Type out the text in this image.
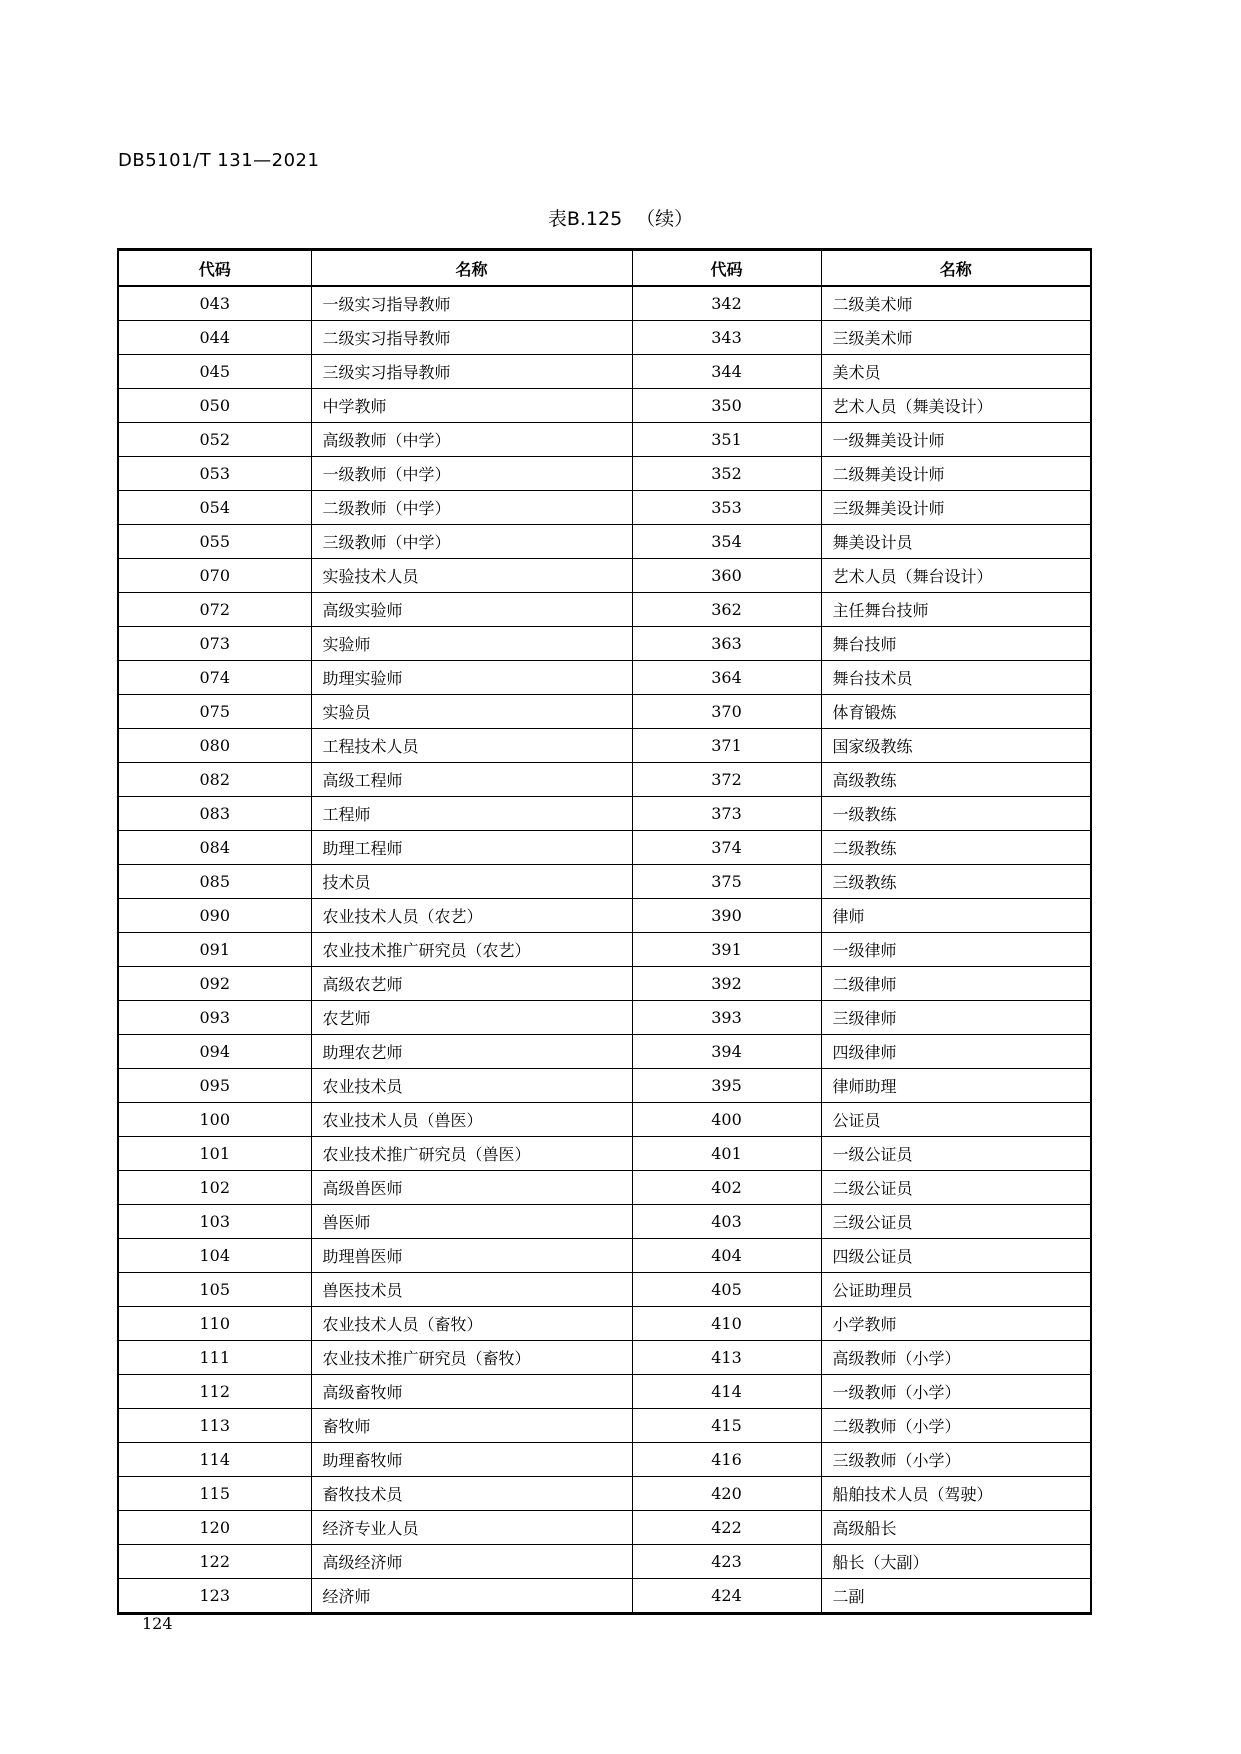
DB5101/T 131—2021
表B.125 （续）
代码	名称	代码	名称
043	一级实习指导教师	342	二级美术师
044	二级实习指导教师	343	三级美术师
045	三级实习指导教师	344	美术员
050	中学教师	350	艺术人员（舞美设计）
052	高级教师（中学）	351	一级舞美设计师
053	一级教师（中学）	352	二级舞美设计师
054	二级教师（中学）	353	三级舞美设计师
055	三级教师（中学）	354	舞美设计员
070	实验技术人员	360	艺术人员（舞台设计）
072	高级实验师	362	主任舞台技师
073	实验师	363	舞台技师
074	助理实验师	364	舞台技术员
075	实验员	370	体育锻炼
080	工程技术人员	371	国家级教练
082	高级工程师	372	高级教练
083	工程师	373	一级教练
084	助理工程师	374	二级教练
085	技术员	375	三级教练
090	农业技术人员（农艺）	390	律师
091	农业技术推广研究员（农艺）	391	一级律师
092	高级农艺师	392	二级律师
093	农艺师	393	三级律师
094	助理农艺师	394	四级律师
095	农业技术员	395	律师助理
100	农业技术人员（兽医）	400	公证员
101	农业技术推广研究员（兽医）	401	一级公证员
102	高级兽医师	402	二级公证员
103	兽医师	403	三级公证员
104	助理兽医师	404	四级公证员
105	兽医技术员	405	公证助理员
110	农业技术人员（畜牧）	410	小学教师
111	农业技术推广研究员（畜牧）	413	高级教师（小学）
112	高级畜牧师	414	一级教师（小学）
113	畜牧师	415	二级教师（小学）
114	助理畜牧师	416	三级教师（小学）
115	畜牧技术员	420	船舶技术人员（驾驶）
120	经济专业人员	422	高级船长
122	高级经济师	423	船长（大副）
123	经济师	424	二副
124
